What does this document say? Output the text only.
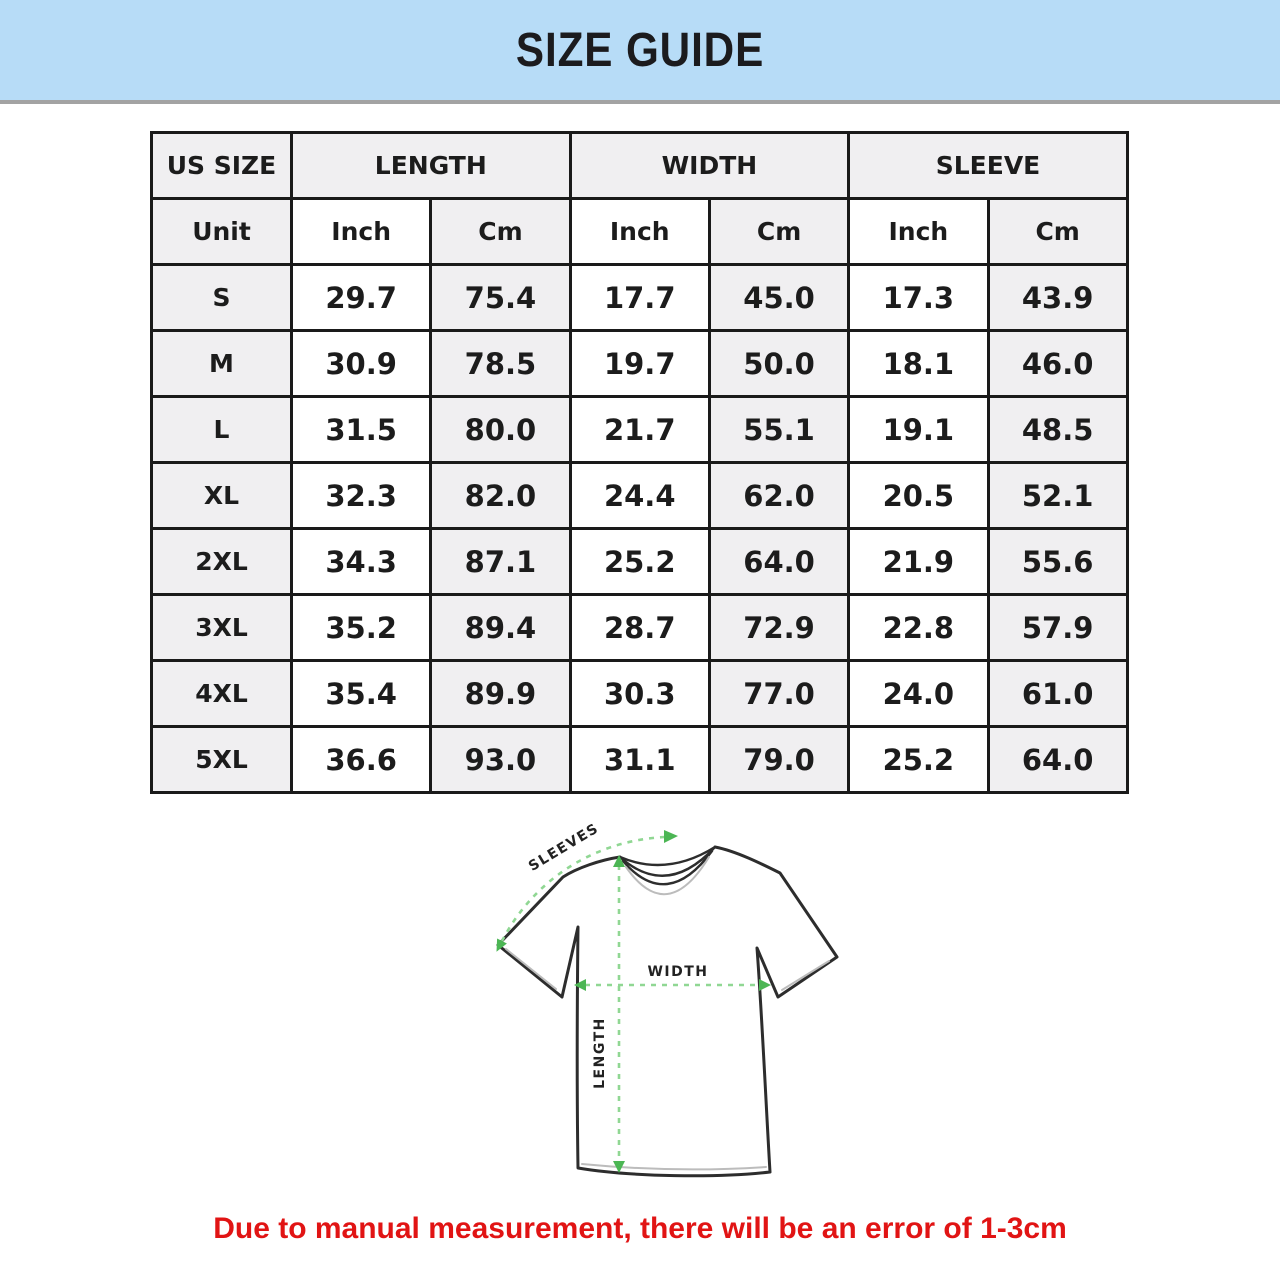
SIZE GUIDE
US SIZE	LENGTH		WIDTH		SLEEVE	
Unit	Inch	Cm	Inch	Cm	Inch	Cm
S	29.7	75.4	17.7	45.0	17.3	43.9
M	30.9	78.5	19.7	50.0	18.1	46.0
L	31.5	80.0	21.7	55.1	19.1	48.5
XL	32.3	82.0	24.4	62.0	20.5	52.1
2XL	34.3	87.1	25.2	64.0	21.9	55.6
3XL	35.2	89.4	28.7	72.9	22.8	57.9
4XL	35.4	89.9	30.3	77.0	24.0	61.0
5XL	36.6	93.0	31.1	79.0	25.2	64.0
SLEEVES
WIDTH
LENGTH
Due to manual measurement, there will be an error of 1-3cm
